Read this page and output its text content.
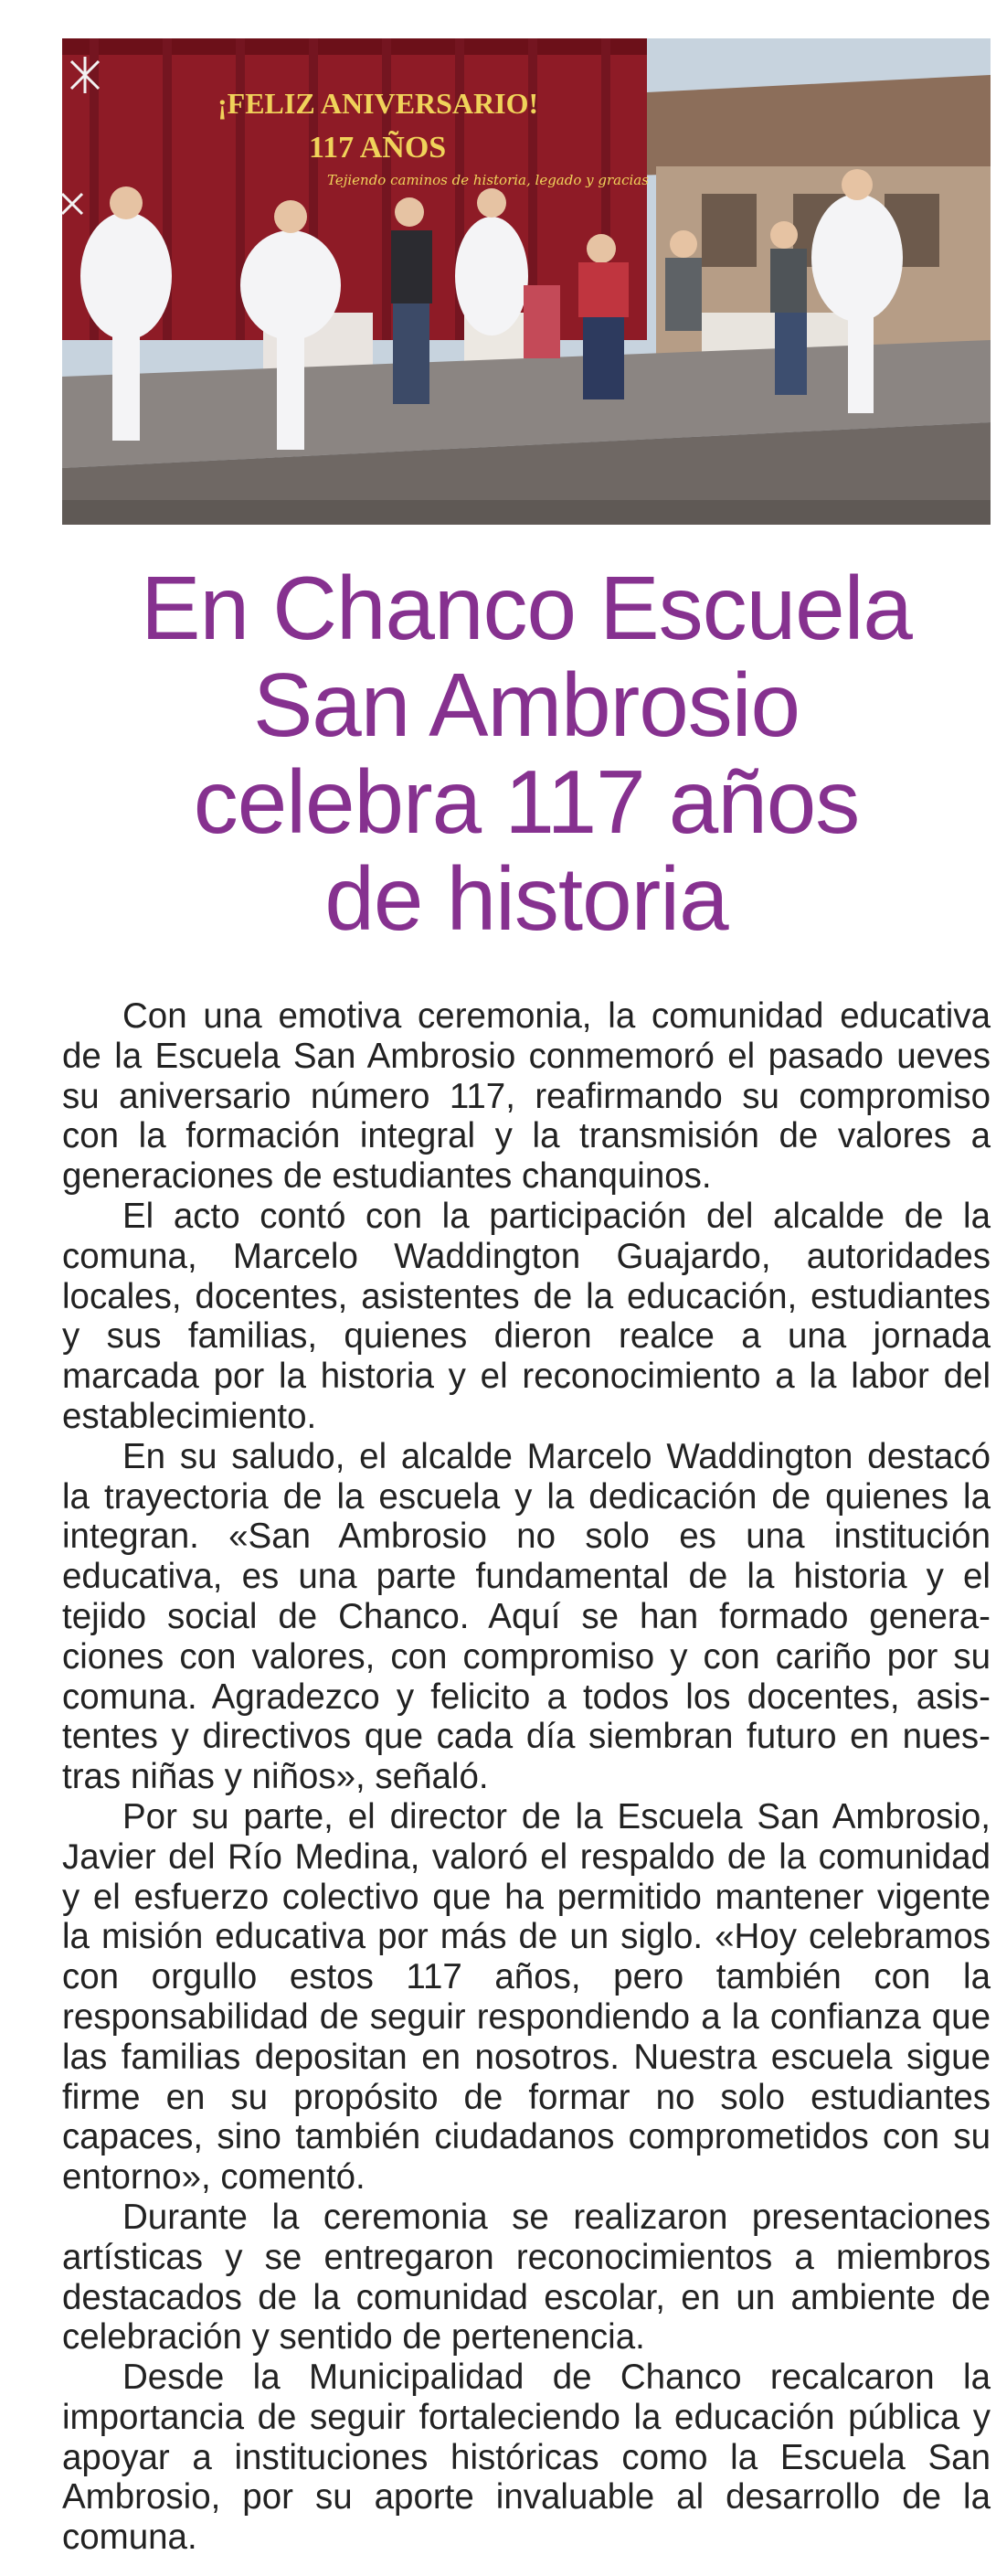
¡FELIZ ANIVERSARIO!
117 AÑOS
Tejiendo caminos de historia, legado y gracias
En Chanco Escuela
San Ambrosio
celebra 117 años
de historia

Con una emotiva ceremonia, la comunidad educativa de la Escuela San Ambrosio conmemoró el pasado ueves su aniversario número 117, reafirmando su compromiso con la formación integral y la transmisión de valores a generaciones de estudiantes chanquinos.

El acto contó con la participación del alcalde de la comuna, Marcelo Waddington Guajardo, autoridades locales, docentes, asistentes de la educación, estudiantes y sus familias, quienes dieron realce a una jornada marcada por la historia y el reconocimiento a la labor del establecimiento.

En su saludo, el alcalde Marcelo Waddington destacó la trayectoria de la escuela y la dedicación de quienes la integran. «San Ambrosio no solo es una institución educativa, es una parte fundamental de la historia y el tejido social de Chanco. Aquí se han formado generaciones con valores, con compromiso y con cariño por su comuna. Agradezco y felicito a todos los docentes, asistentes y directivos que cada día siembran futuro en nuestras niñas y niños», señaló.

Por su parte, el director de la Escuela San Ambrosio, Javier del Río Medina, valoró el respaldo de la comunidad y el esfuerzo colectivo que ha permitido mantener vigente la misión educativa por más de un siglo. «Hoy celebramos con orgullo estos 117 años, pero también con la responsabilidad de seguir respondiendo a la confianza que las familias depositan en nosotros. Nuestra escuela sigue firme en su propósito de formar no solo estudiantes capaces, sino también ciudadanos comprometidos con su entorno», comentó.

Durante la ceremonia se realizaron presentaciones artísticas y se entregaron reconocimientos a miembros destacados de la comunidad escolar, en un ambiente de celebración y sentido de pertenencia.

Desde la Municipalidad de Chanco recalcaron la importancia de seguir fortaleciendo la educación pública y apoyar a instituciones históricas como la Escuela San Ambrosio, por su aporte invaluable al desarrollo de la comuna.
